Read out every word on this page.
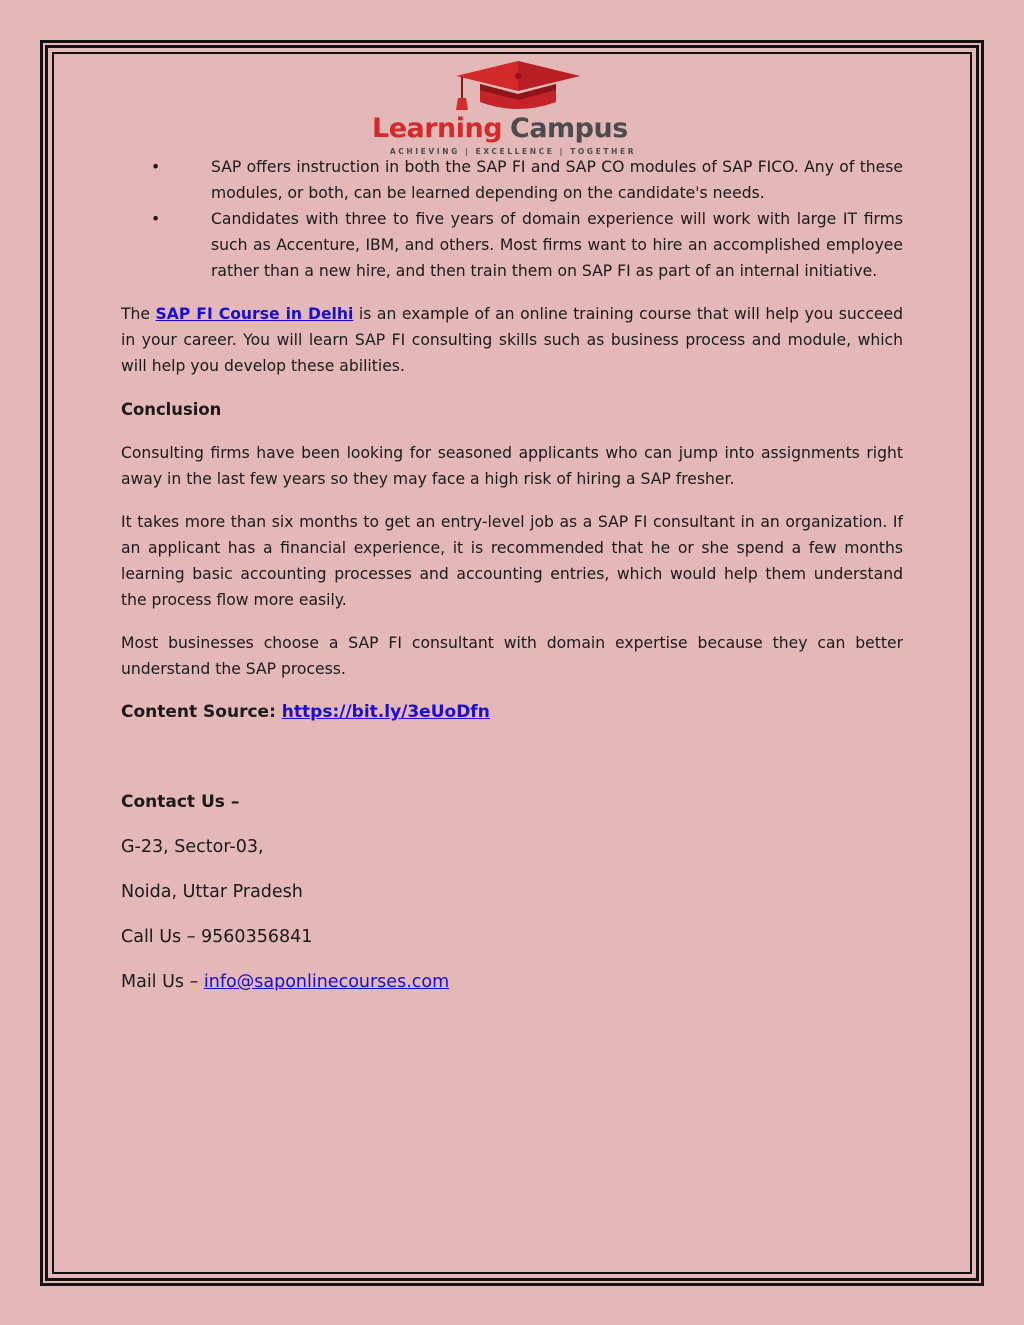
Learning Campus
ACHIEVING | EXCELLENCE | TOGETHER
• SAP offers instruction in both the SAP FI and SAP CO modules of SAP FICO. Any of these modules, or both, can be learned depending on the candidate's needs.
• Candidates with three to five years of domain experience will work with large IT firms such as Accenture, IBM, and others. Most firms want to hire an accomplished employee rather than a new hire, and then train them on SAP FI as part of an internal initiative.

The SAP FI Course in Delhi is an example of an online training course that will help you succeed in your career. You will learn SAP FI consulting skills such as business process and module, which will help you develop these abilities.

Conclusion

Consulting firms have been looking for seasoned applicants who can jump into assignments right away in the last few years so they may face a high risk of hiring a SAP fresher.

It takes more than six months to get an entry-level job as a SAP FI consultant in an organization. If an applicant has a financial experience, it is recommended that he or she spend a few months learning basic accounting processes and accounting entries, which would help them understand the process flow more easily.

Most businesses choose a SAP FI consultant with domain expertise because they can better understand the SAP process.

Content Source: https://bit.ly/3eUoDfn

Contact Us –

G-23, Sector-03,

Noida, Uttar Pradesh

Call Us – 9560356841

Mail Us – info@saponlinecourses.com
